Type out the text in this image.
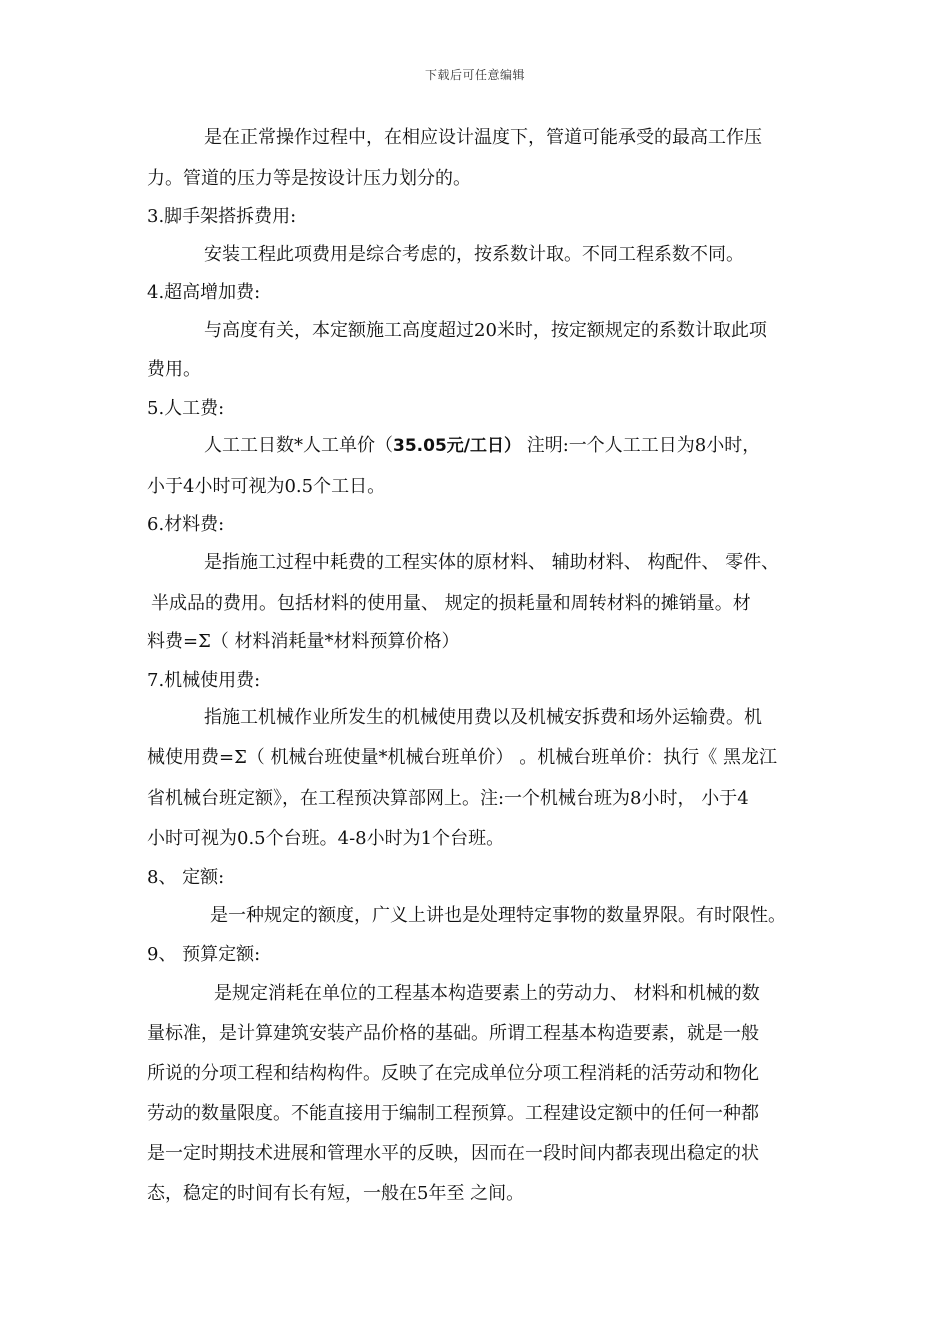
下载后可任意编辑
是在正常操作过程中，在相应设计温度下，管道可能承受的最高工作压
力。管道的压力等是按设计压力划分的。
3.脚手架搭拆费用:
安装工程此项费用是综合考虑的，按系数计取。不同工程系数不同。
4.超高增加费:
与高度有关，本定额施工高度超过20米时，按定额规定的系数计取此项
费用。
5.人工费:
人工工日数*人工单价（35.05元/工日） 注明:一个人工工日为8小时，
小于4小时可视为0.5个工日。
6.材料费:
是指施工过程中耗费的工程实体的原材料、 辅助材料、 构配件、 零件、
半成品的费用。包括材料的使用量、 规定的损耗量和周转材料的摊销量。材
料费=Σ（ 材料消耗量*材料预算价格）
7.机械使用费:
指施工机械作业所发生的机械使用费以及机械安拆费和场外运输费。机
械使用费=Σ（ 机械台班使量*机械台班单价） 。机械台班单价：执行《 黑龙江
省机械台班定额》，在工程预决算部网上。注:一个机械台班为8小时， 小于4
小时可视为0.5个台班。4-8小时为1个台班。
8、 定额:
是一种规定的额度，广义上讲也是处理特定事物的数量界限。有时限性。
9、 预算定额:
是规定消耗在单位的工程基本构造要素上的劳动力、 材料和机械的数
量标准，是计算建筑安装产品价格的基础。所谓工程基本构造要素，就是一般
所说的分项工程和结构构件。反映了在完成单位分项工程消耗的活劳动和物化
劳动的数量限度。不能直接用于编制工程预算。工程建设定额中的任何一种都
是一定时期技术进展和管理水平的反映，因而在一段时间内都表现出稳定的状
态，稳定的时间有长有短，一般在5年至 之间。
